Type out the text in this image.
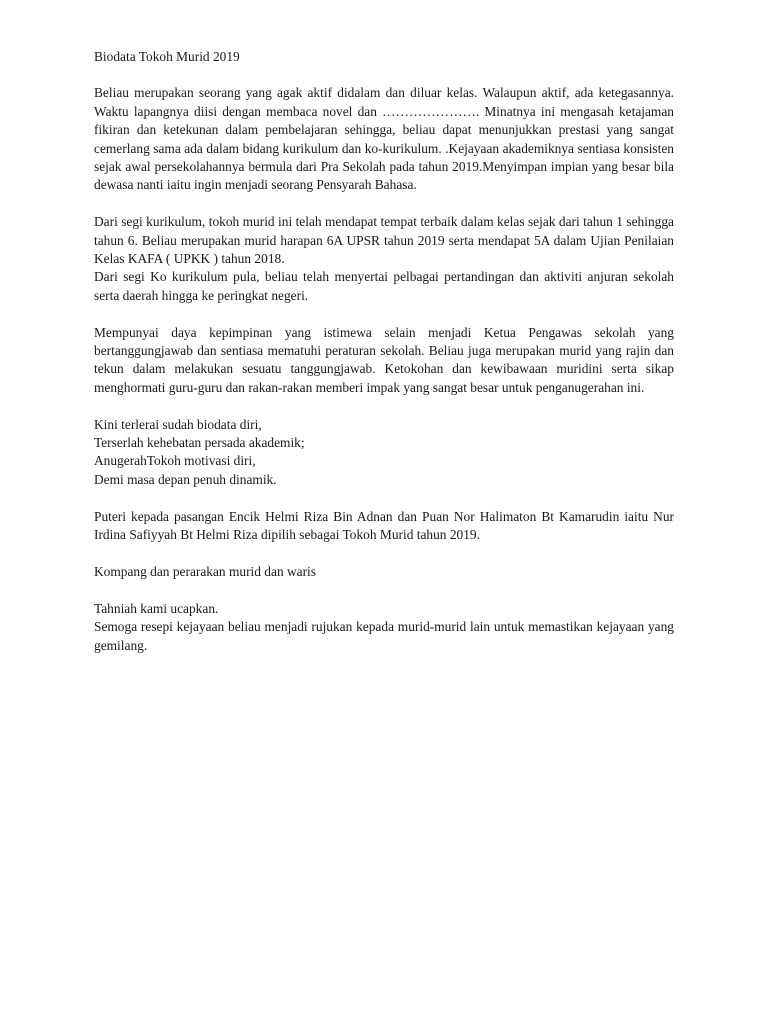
Biodata Tokoh Murid 2019

Beliau merupakan seorang yang agak aktif didalam dan diluar kelas. Walaupun aktif, ada ketegasannya. Waktu lapangnya diisi dengan membaca novel dan …………………. Minatnya ini mengasah ketajaman fikiran dan ketekunan dalam pembelajaran sehingga, beliau dapat menunjukkan prestasi yang sangat cemerlang sama ada dalam bidang kurikulum dan ko-kurikulum. .Kejayaan akademiknya sentiasa konsisten sejak awal persekolahannya bermula dari Pra Sekolah pada tahun 2019.Menyimpan impian yang besar bila dewasa nanti iaitu ingin menjadi seorang Pensyarah Bahasa.

Dari segi kurikulum, tokoh murid ini telah mendapat tempat terbaik dalam kelas sejak dari tahun 1 sehingga tahun 6. Beliau merupakan murid harapan 6A UPSR tahun 2019 serta mendapat 5A dalam Ujian Penilaian Kelas KAFA ( UPKK ) tahun 2018.

Dari segi Ko kurikulum pula, beliau telah menyertai pelbagai pertandingan dan aktiviti anjuran sekolah serta daerah hingga ke peringkat negeri.

Mempunyai daya kepimpinan yang istimewa selain menjadi Ketua Pengawas sekolah yang bertanggungjawab dan sentiasa mematuhi peraturan sekolah. Beliau juga merupakan murid yang rajin dan tekun dalam melakukan sesuatu tanggungjawab. Ketokohan dan kewibawaan muridini serta sikap menghormati guru-guru dan rakan-rakan memberi impak yang sangat besar untuk penganugerahan ini.

Kini terlerai sudah biodata diri,
Terserlah kehebatan persada akademik;
AnugerahTokoh motivasi diri,
Demi masa depan penuh dinamik.

Puteri kepada pasangan Encik Helmi Riza Bin Adnan dan Puan Nor Halimaton Bt Kamarudin iaitu Nur Irdina Safiyyah Bt Helmi Riza dipilih sebagai Tokoh Murid tahun 2019.

Kompang dan perarakan murid dan waris

Tahniah kami ucapkan.

Semoga resepi kejayaan beliau menjadi rujukan kepada murid-murid lain untuk memastikan kejayaan yang gemilang.
